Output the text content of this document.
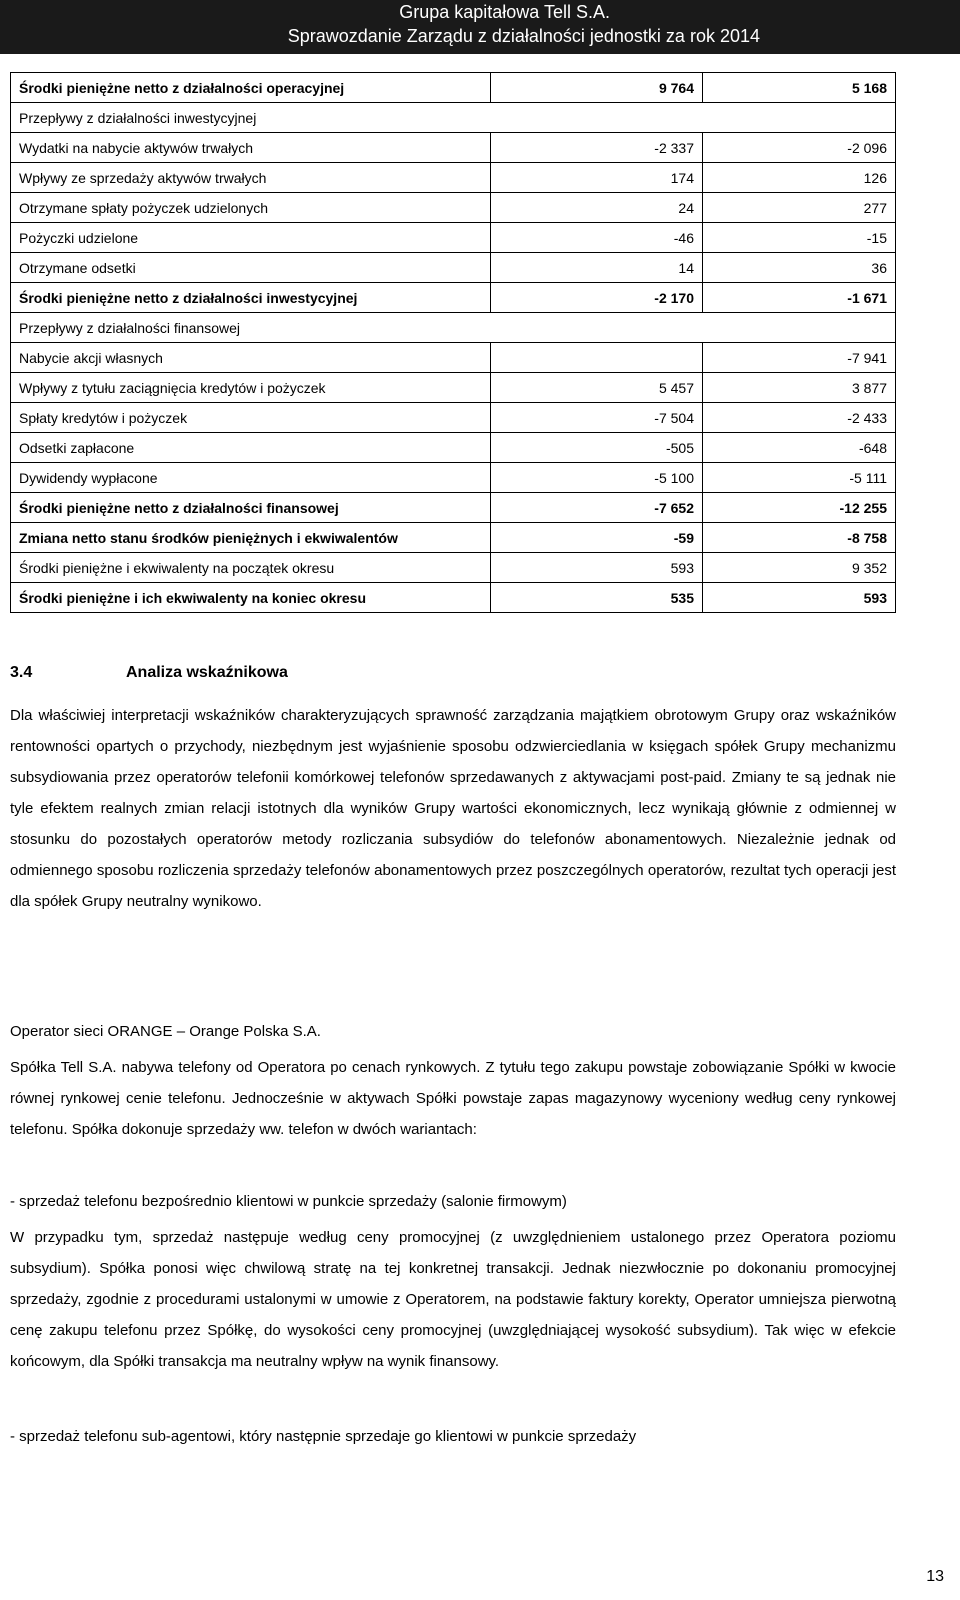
Grupa kapitałowa Tell S.A.
Sprawozdanie Zarządu z działalności jednostki za rok 2014
Środki pieniężne netto z działalności operacyjnej	9 764	5 168
Przepływy z działalności inwestycyjnej		
Wydatki na nabycie aktywów trwałych	-2 337	-2 096
Wpływy ze sprzedaży aktywów trwałych	174	126
Otrzymane spłaty pożyczek udzielonych	24	277
Pożyczki udzielone	-46	-15
Otrzymane odsetki	14	36
Środki pieniężne netto z działalności inwestycyjnej	-2 170	-1 671
Przepływy z działalności finansowej		
Nabycie akcji własnych		-7 941
Wpływy z tytułu zaciągnięcia kredytów i pożyczek	5 457	3 877
Spłaty kredytów i pożyczek	-7 504	-2 433
Odsetki zapłacone	-505	-648
Dywidendy wypłacone	-5 100	-5 111
Środki pieniężne netto z działalności finansowej	-7 652	-12 255
Zmiana netto stanu środków pieniężnych i ekwiwalentów	-59	-8 758
Środki pieniężne i ekwiwalenty na początek okresu	593	9 352
Środki pieniężne i ich ekwiwalenty na koniec okresu	535	593
3.4	Analiza wskaźnikowa

Dla właściwiej interpretacji wskaźników charakteryzujących sprawność zarządzania majątkiem obrotowym Grupy oraz wskaźników rentowności opartych o przychody, niezbędnym jest wyjaśnienie sposobu odzwierciedlania w księgach spółek Grupy mechanizmu subsydiowania przez operatorów telefonii komórkowej telefonów sprzedawanych z aktywacjami post-paid. Zmiany te są jednak nie tyle efektem realnych zmian relacji istotnych dla wyników Grupy wartości ekonomicznych, lecz wynikają głównie z odmiennej w stosunku do pozostałych operatorów metody rozliczania subsydiów do telefonów abonamentowych. Niezależnie jednak od odmiennego sposobu rozliczenia sprzedaży telefonów abonamentowych przez poszczególnych operatorów, rezultat tych operacji jest dla spółek Grupy neutralny wynikowo.

Operator sieci ORANGE – Orange Polska S.A.

Spółka Tell S.A. nabywa telefony od Operatora po cenach rynkowych. Z tytułu tego zakupu powstaje zobowiązanie Spółki w kwocie równej rynkowej cenie telefonu. Jednocześnie w aktywach Spółki powstaje zapas magazynowy wyceniony według ceny rynkowej telefonu. Spółka dokonuje sprzedaży ww. telefon w dwóch wariantach:

- sprzedaż telefonu bezpośrednio klientowi w punkcie sprzedaży (salonie firmowym)

W przypadku tym, sprzedaż następuje według ceny promocyjnej (z uwzględnieniem ustalonego przez Operatora poziomu subsydium). Spółka ponosi więc chwilową stratę na tej konkretnej transakcji. Jednak niezwłocznie po dokonaniu promocyjnej sprzedaży, zgodnie z procedurami ustalonymi w umowie z Operatorem, na podstawie faktury korekty, Operator umniejsza pierwotną cenę zakupu telefonu przez Spółkę, do wysokości ceny promocyjnej (uwzględniającej wysokość subsydium). Tak więc w efekcie końcowym, dla Spółki transakcja ma neutralny wpływ na wynik finansowy.

- sprzedaż telefonu sub-agentowi, który następnie sprzedaje go klientowi w punkcie sprzedaży

13
